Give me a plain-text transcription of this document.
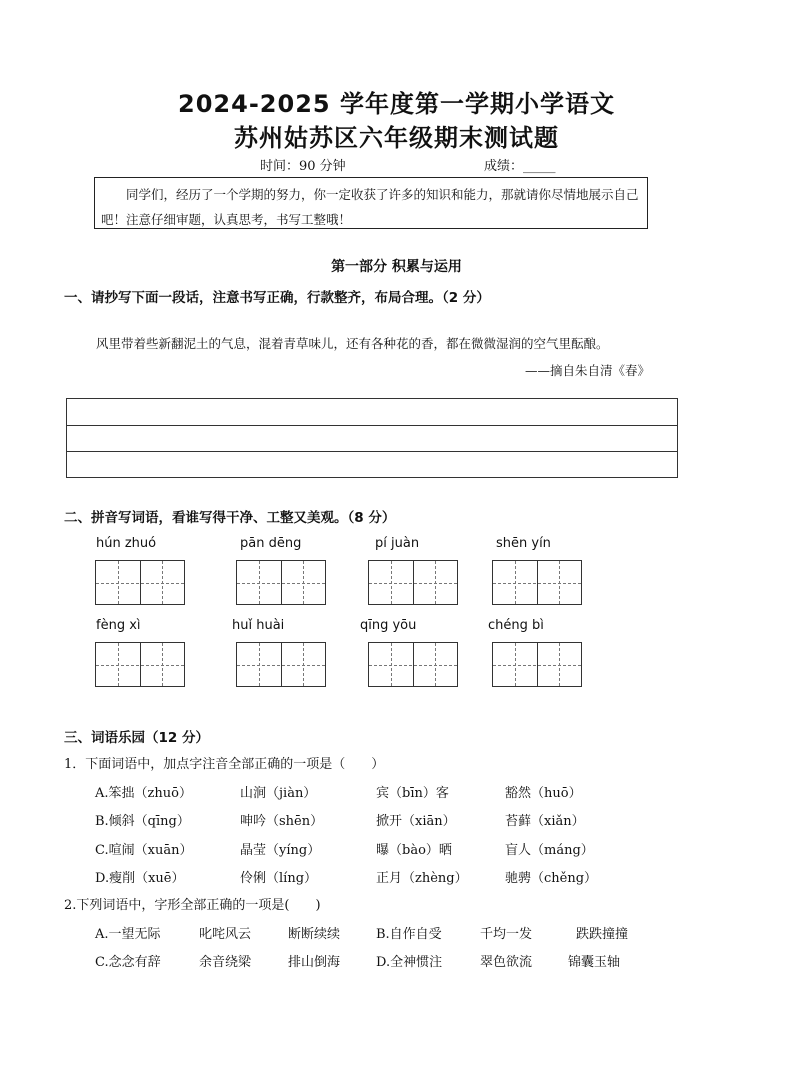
2024-2025 学年度第一学期小学语文
苏州姑苏区六年级期末测试题
时间：90 分钟	成绩：_____
同学们，经历了一个学期的努力，你一定收获了许多的知识和能力，那就请你尽情地展示自己吧！注意仔细审题，认真思考，书写工整哦！
第一部分 积累与运用
一、请抄写下面一段话，注意书写正确，行款整齐，布局合理。（2 分）
风里带着些新翻泥土的气息，混着青草味儿，还有各种花的香，都在微微湿润的空气里酝酿。
——摘自朱自清《春》
二、拼音写词语，看谁写得干净、工整又美观。（8 分）
hún zhuó	pān dēng	pí juàn	shēn yín
fèng xì	huǐ huài	qīng yōu	chéng bì
三、词语乐园（12 分）
1．下面词语中，加点字注音全部正确的一项是（　　）
A.笨拙（zhuō）	山涧（jiàn）	宾（bīn）客	豁然（huō）
B.倾斜（qīng）	呻吟（shēn）	掀开（xiān）	苔藓（xiǎn）
C.喧闹（xuān）	晶莹（yíng）	曝（bào）晒	盲人（máng）
D.瘦削（xuē）	伶俐（líng）	正月（zhèng）	驰骋（chěng）
2.下列词语中，字形全部正确的一项是(　　)
A.一望无际	叱咤风云	断断续续	B.自作自受	千均一发	跌跌撞撞
C.念念有辞	余音绕梁	排山倒海	D.全神惯注	翠色欲流	锦囊玉轴
